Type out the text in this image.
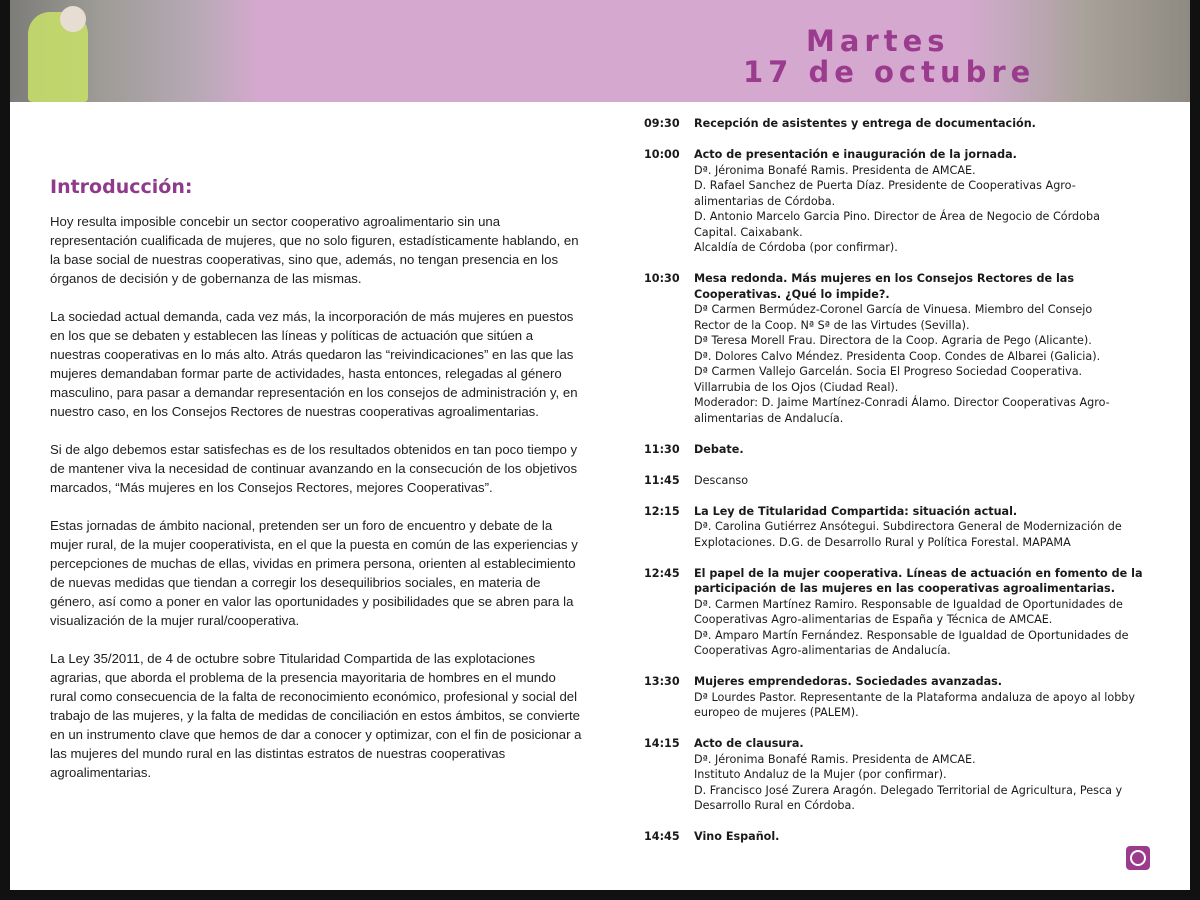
Martes
17 de octubre
Introducción:

Hoy resulta imposible concebir un sector cooperativo agroalimentario sin una representación cualificada de mujeres, que no solo figuren, estadísticamente hablando, en la base social de nuestras cooperativas, sino que, además, no tengan presencia en los órganos de decisión y de gobernanza de las mismas.

La sociedad actual demanda, cada vez más, la incorporación de más mujeres en puestos en los que se debaten y establecen las líneas y políticas de actuación que sitúen a nuestras cooperativas en lo más alto. Atrás quedaron las “reivindicaciones” en las que las mujeres demandaban formar parte de actividades, hasta entonces, relegadas al género masculino, para pasar a demandar representación en los consejos de administración y, en nuestro caso, en los Consejos Rectores de nuestras cooperativas agroalimentarias.

Si de algo debemos estar satisfechas es de los resultados obtenidos en tan poco tiempo y de mantener viva la necesidad de continuar avanzando en la consecución de los objetivos marcados, “Más mujeres en los Consejos Rectores, mejores Cooperativas”.

Estas jornadas de ámbito nacional, pretenden ser un foro de encuentro y debate de la mujer rural, de la mujer cooperativista, en el que la puesta en común de las experiencias y percepciones de muchas de ellas, vividas en primera persona, orienten al establecimiento de nuevas medidas que tiendan a corregir los desequilibrios sociales, en materia de género, así como a poner en valor las oportunidades y posibilidades que se abren para la visualización de la mujer rural/cooperativa.

La Ley 35/2011, de 4 de octubre sobre Titularidad Compartida de las explotaciones agrarias, que aborda el problema de la presencia mayoritaria de hombres en el mundo rural como consecuencia de la falta de reconocimiento económico, profesional y social del trabajo de las mujeres, y la falta de medidas de conciliación en estos ámbitos, se convierte en un instrumento clave que hemos de dar a conocer y optimizar, con el fin de posicionar a las mujeres del mundo rural en las distintas estratos de nuestras cooperativas agroalimentarias.

09:30	Recepción de asistentes y entrega de documentación.
10:00	Acto de presentación e inauguración de la jornada.
Dª. Jéronima Bonafé Ramis. Presidenta de AMCAE.
D. Rafael Sanchez de Puerta Díaz. Presidente de Cooperativas Agro-
alimentarias de Córdoba.
D. Antonio Marcelo Garcia Pino. Director de Área de Negocio de Córdoba
Capital. Caixabank.
Alcaldía de Córdoba (por confirmar).
10:30	Mesa redonda. Más mujeres en los Consejos Rectores de las Cooperativas. ¿Qué lo impide?.
Dª Carmen Bermúdez-Coronel García de Vinuesa. Miembro del Consejo
Rector de la Coop. Nª Sª de las Virtudes (Sevilla).
Dª Teresa Morell Frau. Directora de la Coop. Agraria de Pego (Alicante).
Dª. Dolores Calvo Méndez. Presidenta Coop. Condes de Albarei (Galicia).
Dª Carmen Vallejo Garcelán. Socia El Progreso Sociedad Cooperativa.
Villarrubia de los Ojos (Ciudad Real).
Moderador: D. Jaime Martínez-Conradi Álamo. Director Cooperativas Agro-
alimentarias de Andalucía.
11:30	Debate.
11:45	Descanso
12:15	La Ley de Titularidad Compartida: situación actual.
Dª. Carolina Gutiérrez Ansótegui. Subdirectora General de Modernización de
Explotaciones. D.G. de Desarrollo Rural y Política Forestal. MAPAMA
12:45	El papel de la mujer cooperativa. Líneas de actuación en fomento de la participación de las mujeres en las cooperativas agroalimentarias.
Dª. Carmen Martínez Ramiro. Responsable de Igualdad de Oportunidades de
Cooperativas Agro-alimentarias de España y Técnica de AMCAE.
Dª. Amparo Martín Fernández. Responsable de Igualdad de Oportunidades de
Cooperativas Agro-alimentarias de Andalucía.
13:30	Mujeres emprendedoras. Sociedades avanzadas.
Dª Lourdes Pastor. Representante de la Plataforma andaluza de apoyo al lobby
europeo de mujeres (PALEM).
14:15	Acto de clausura.
Dª. Jéronima Bonafé Ramis. Presidenta de AMCAE.
Instituto Andaluz de la Mujer (por confirmar).
D. Francisco José Zurera Aragón. Delegado Territorial de Agricultura, Pesca y
Desarrollo Rural en Córdoba.
14:45	Vino Español.
